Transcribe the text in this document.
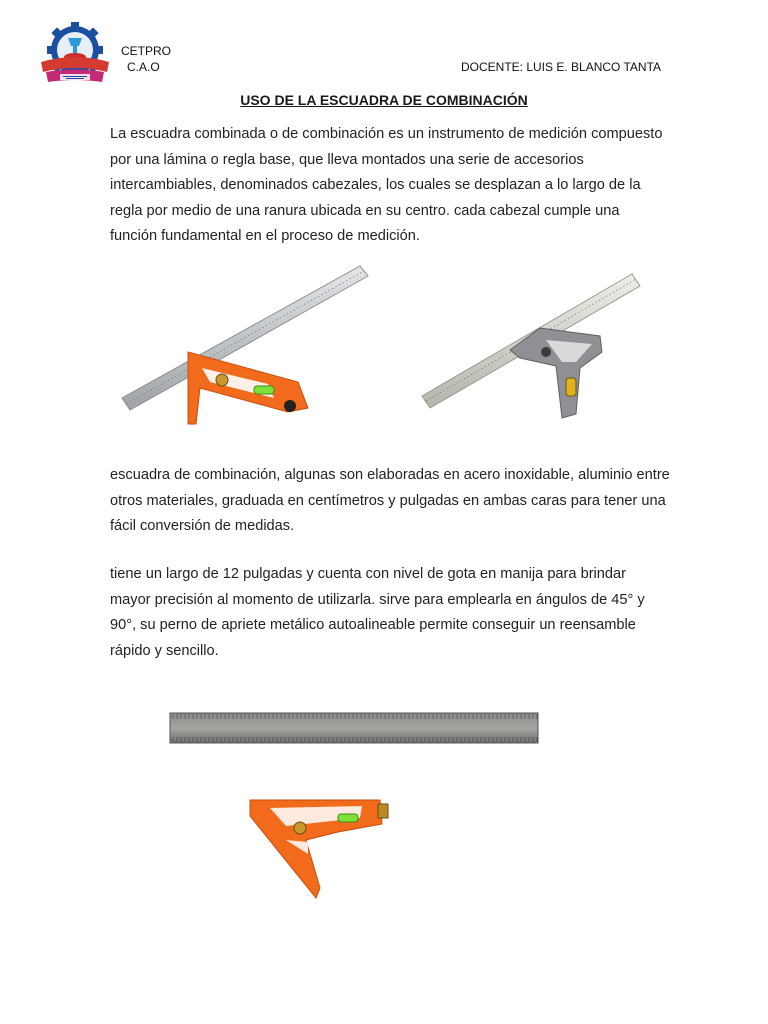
CETPRO
C.A.O	DOCENTE: LUIS E. BLANCO TANTA
USO DE LA ESCUADRA DE COMBINACIÓN

La escuadra combinada o de combinación es un instrumento de medición compuesto por una lámina o regla base, que lleva montados una serie de accesorios intercambiables, denominados cabezales, los cuales se desplazan a lo largo de la regla por medio de una ranura ubicada en su centro. cada cabezal cumple una función fundamental en el proceso de medición.

escuadra de combinación, algunas son elaboradas en acero inoxidable, aluminio entre otros materiales, graduada en centímetros y pulgadas en ambas caras para tener una fácil conversión de medidas.

tiene un largo de 12 pulgadas y cuenta con nivel de gota en manija para brindar mayor precisión al momento de utilizarla. sirve para emplearla en ángulos de 45° y 90°, su perno de apriete metálico autoalineable permite conseguir un reensamble rápido y sencillo.
